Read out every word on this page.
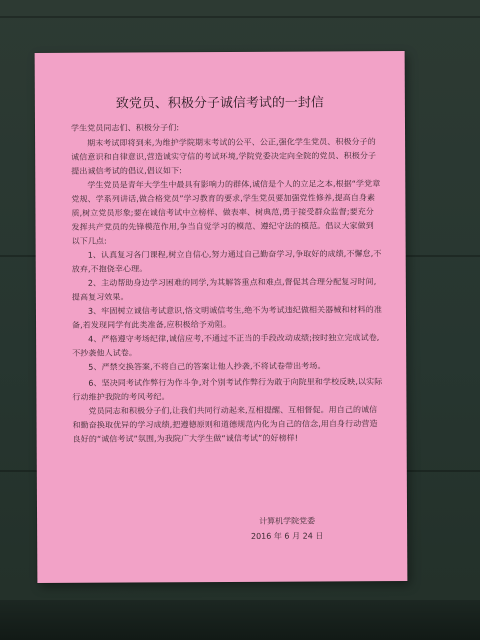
致党员、积极分子诚信考试的一封信
学生党员同志们、积极分子们:
期末考试即将到来,为维护学院期末考试的公平、公正,强化学生党员、积极分子的诚信意识和自律意识,营造诚实守信的考试环境,学院党委决定向全院的党员、积极分子提出诚信考试的倡议,倡议如下:
学生党员是青年大学生中最具有影响力的群体,诚信是个人的立足之本,根据“学党章党规、学系列讲话,做合格党员”学习教育的要求,学生党员要加强党性修养,提高自身素质,树立党员形象;要在诚信考试中立榜样、做表率、树典范,勇于接受群众监督;要充分发挥共产党员的先锋模范作用,争当自觉学习的模范、遵纪守法的模范。倡议大家做到以下几点:
1、认真复习各门课程,树立自信心,努力通过自己勤奋学习,争取好的成绩,不懈怠,不放弃,不抱侥幸心理。
2、主动帮助身边学习困难的同学,为其解答重点和难点,督促其合理分配复习时间,提高复习效果。
3、牢固树立诚信考试意识,恪文明诚信考生,绝不为考试违纪做相关器械和材料的准备,若发现同学有此类准备,应积极给予劝阻。
4、严格遵守考场纪律,诚信应考,不通过不正当的手段改动成绩;按时独立完成试卷,不抄袭他人试卷。
5、严禁交换答案,不将自己的答案让他人抄袭,不将试卷带出考场。
6、坚决同考试作弊行为作斗争,对个别考试作弊行为敢于向院里和学校反映,以实际行动维护我院的考风考纪。
党员同志和积极分子们,让我们共同行动起来,互相提醒、互相督促。用自己的诚信和勤奋换取优异的学习成绩,把遵德原则和道德规范内化为自己的信念,用自身行动营造良好的“诚信考试”氛围,为我院广大学生做“诚信考试”的好榜样!
计算机学院党委
2016 年 6 月 24 日
